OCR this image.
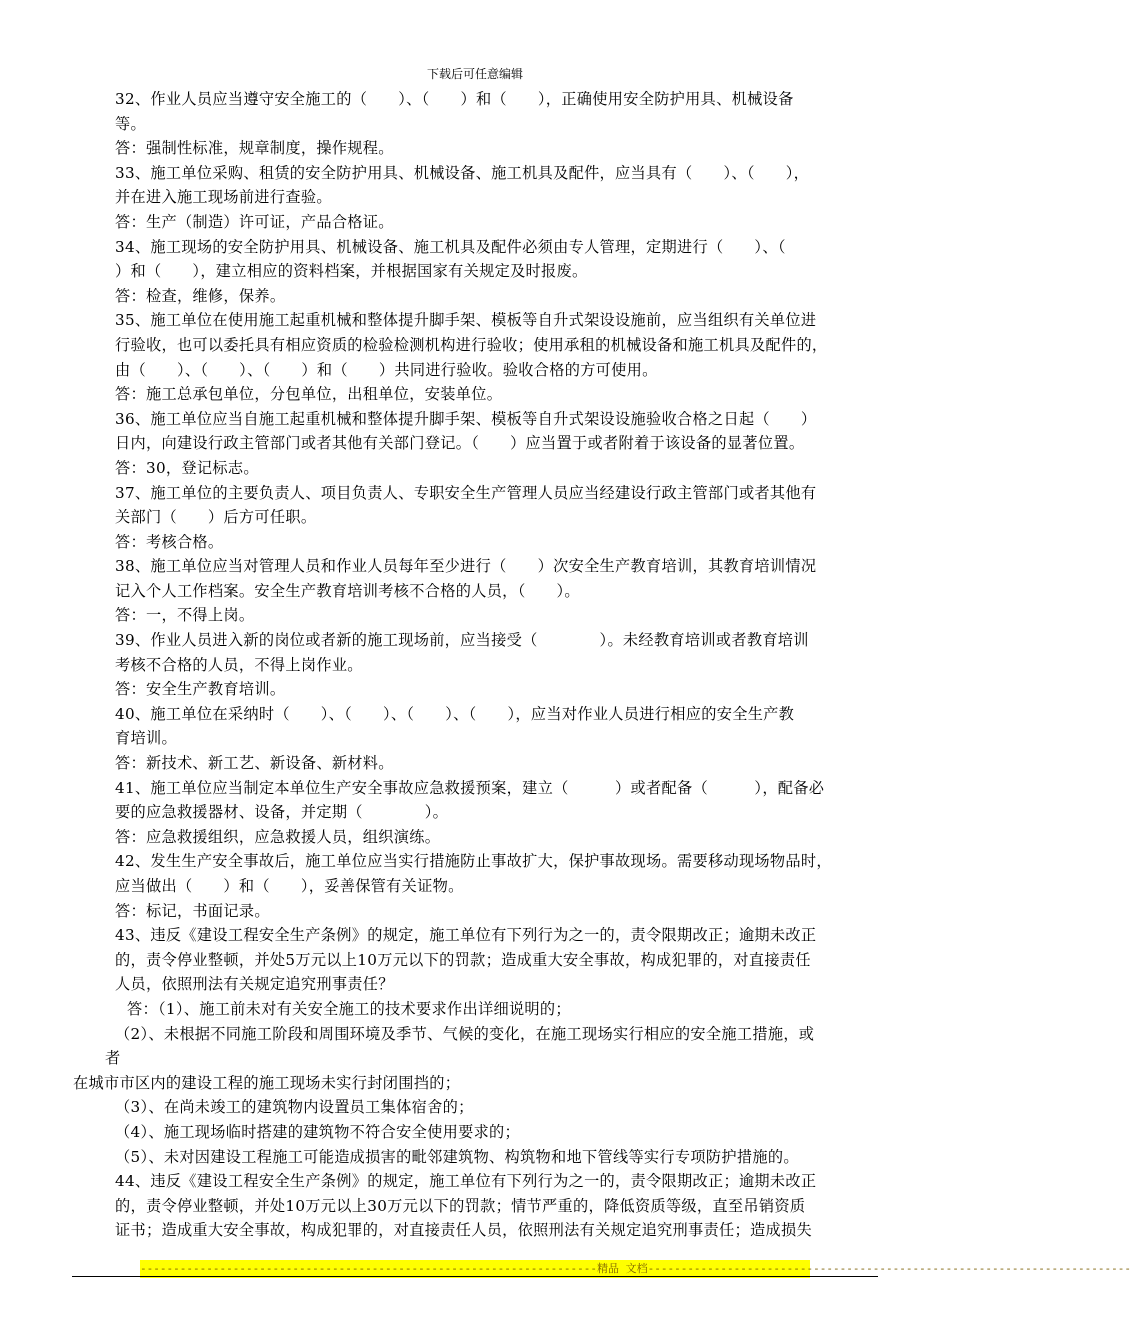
下载后可任意编辑
32、作业人员应当遵守安全施工的（　　）、（　　）和（　　），正确使用安全防护用具、机械设备
等。
答：强制性标准，规章制度，操作规程。
33、施工单位采购、租赁的安全防护用具、机械设备、施工机具及配件，应当具有（　　）、（　　），
并在进入施工现场前进行查验。
答：生产（制造）许可证，产品合格证。
34、施工现场的安全防护用具、机械设备、施工机具及配件必须由专人管理，定期进行（　　）、（
）和（　　），建立相应的资料档案，并根据国家有关规定及时报废。
答：检查，维修，保养。
35、施工单位在使用施工起重机械和整体提升脚手架、模板等自升式架设设施前，应当组织有关单位进
行验收，也可以委托具有相应资质的检验检测机构进行验收；使用承租的机械设备和施工机具及配件的，
由（　　）、（　　）、（　　）和（　　）共同进行验收。验收合格的方可使用。
答：施工总承包单位，分包单位，出租单位，安装单位。
36、施工单位应当自施工起重机械和整体提升脚手架、模板等自升式架设设施验收合格之日起（　　）
日内，向建设行政主管部门或者其他有关部门登记。（　　）应当置于或者附着于该设备的显著位置。
答：30，登记标志。
37、施工单位的主要负责人、项目负责人、专职安全生产管理人员应当经建设行政主管部门或者其他有
关部门（　　）后方可任职。
答：考核合格。
38、施工单位应当对管理人员和作业人员每年至少进行（　　）次安全生产教育培训，其教育培训情况
记入个人工作档案。安全生产教育培训考核不合格的人员，（　　）。
答：一，不得上岗。
39、作业人员进入新的岗位或者新的施工现场前，应当接受（　　　　）。未经教育培训或者教育培训
考核不合格的人员，不得上岗作业。
答：安全生产教育培训。
40、施工单位在采纳时（　　）、（　　）、（　　）、（　　），应当对作业人员进行相应的安全生产教
育培训。
答：新技术、新工艺、新设备、新材料。
41、施工单位应当制定本单位生产安全事故应急救援预案，建立（　　　）或者配备（　　　），配备必
要的应急救援器材、设备，并定期（　　　　）。
答：应急救援组织，应急救援人员，组织演练。
42、发生生产安全事故后，施工单位应当实行措施防止事故扩大，保护事故现场。需要移动现场物品时，
应当做出（　　）和（　　），妥善保管有关证物。
答：标记，书面记录。
43、违反《建设工程安全生产条例》的规定，施工单位有下列行为之一的，责令限期改正；逾期未改正
的，责令停业整顿，并处5万元以上10万元以下的罚款；造成重大安全事故，构成犯罪的，对直接责任
人员，依照刑法有关规定追究刑事责任？
答：（1）、施工前未对有关安全施工的技术要求作出详细说明的；
（2）、未根据不同施工阶段和周围环境及季节、气候的变化，在施工现场实行相应的安全施工措施，或
者
在城市市区内的建设工程的施工现场未实行封闭围挡的；
（3）、在尚未竣工的建筑物内设置员工集体宿舍的；
（4）、施工现场临时搭建的建筑物不符合安全使用要求的；
（5）、未对因建设工程施工可能造成损害的毗邻建筑物、构筑物和地下管线等实行专项防护措施的。
44、违反《建设工程安全生产条例》的规定，施工单位有下列行为之一的，责令限期改正；逾期未改正
的，责令停业整顿，并处10万元以上30万元以下的罚款；情节严重的，降低资质等级，直至吊销资质
证书；造成重大安全事故，构成犯罪的，对直接责任人员，依照刑法有关规定追究刑事责任；造成损失
---------------------------------------------------------------------精品 文档-------------------------------------------------------------------------
